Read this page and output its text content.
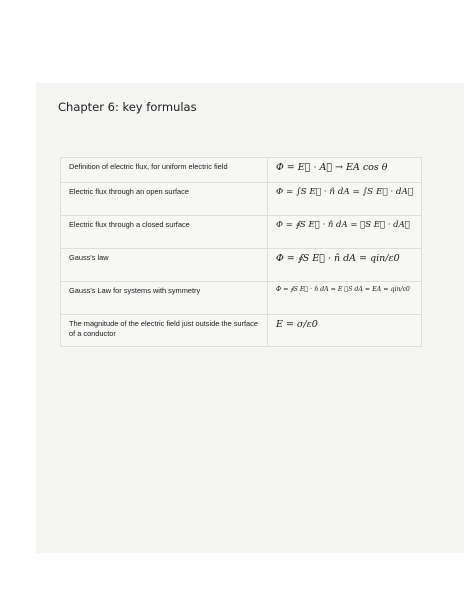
Chapter 6: key formulas
Definition of electric flux, for uniform electric field	Φ = E⃗ · A⃗ → EA cos θ
Electric flux through an open surface	Φ = ∫S E⃗ · n̂ dA = ∫S E⃗ · dA⃗
Electric flux through a closed surface	Φ = ∮S E⃗ · n̂ dA = ∮S E⃗ · dA⃗
Gauss's law	Φ = ∮S E⃗ · n̂ dA = qin/ε0
Gauss's Law for systems with symmetry	Φ = ∮S E⃗ · n̂ dA = E ∮S dA = EA = qin/ε0
The magnitude of the electric field just outside the surface of a conductor	E = σ/ε0
